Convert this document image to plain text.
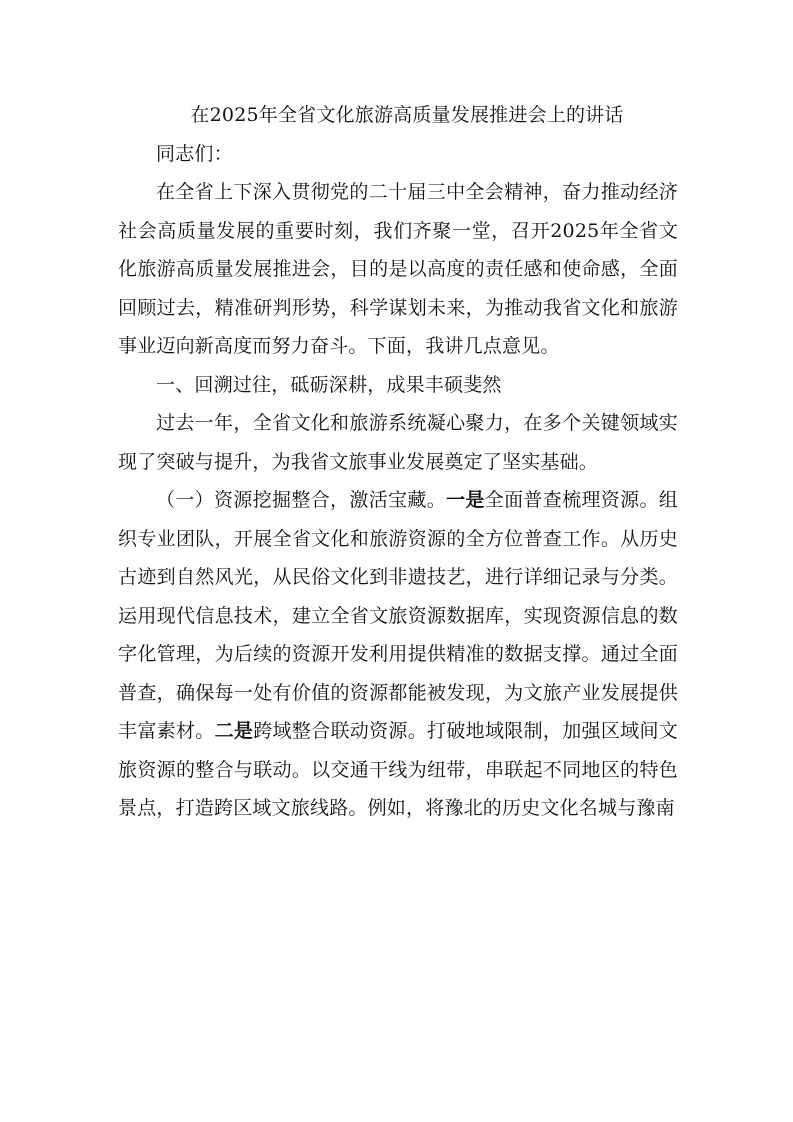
在2025年全省文化旅游高质量发展推进会上的讲话

同志们：

在全省上下深入贯彻党的二十届三中全会精神，奋力推动经济社会高质量发展的重要时刻，我们齐聚一堂，召开2025年全省文化旅游高质量发展推进会，目的是以高度的责任感和使命感，全面回顾过去，精准研判形势，科学谋划未来，为推动我省文化和旅游事业迈向新高度而努力奋斗。下面，我讲几点意见。

一、回溯过往，砥砺深耕，成果丰硕斐然

过去一年，全省文化和旅游系统凝心聚力，在多个关键领域实现了突破与提升，为我省文旅事业发展奠定了坚实基础。

（一）资源挖掘整合，激活宝藏。一是全面普查梳理资源。组织专业团队，开展全省文化和旅游资源的全方位普查工作。从历史古迹到自然风光，从民俗文化到非遗技艺，进行详细记录与分类。运用现代信息技术，建立全省文旅资源数据库，实现资源信息的数字化管理，为后续的资源开发利用提供精准的数据支撑。通过全面普查，确保每一处有价值的资源都能被发现，为文旅产业发展提供丰富素材。二是跨域整合联动资源。打破地域限制，加强区域间文旅资源的整合与联动。以交通干线为纽带，串联起不同地区的特色景点，打造跨区域文旅线路。例如，将豫北的历史文化名城与豫南
